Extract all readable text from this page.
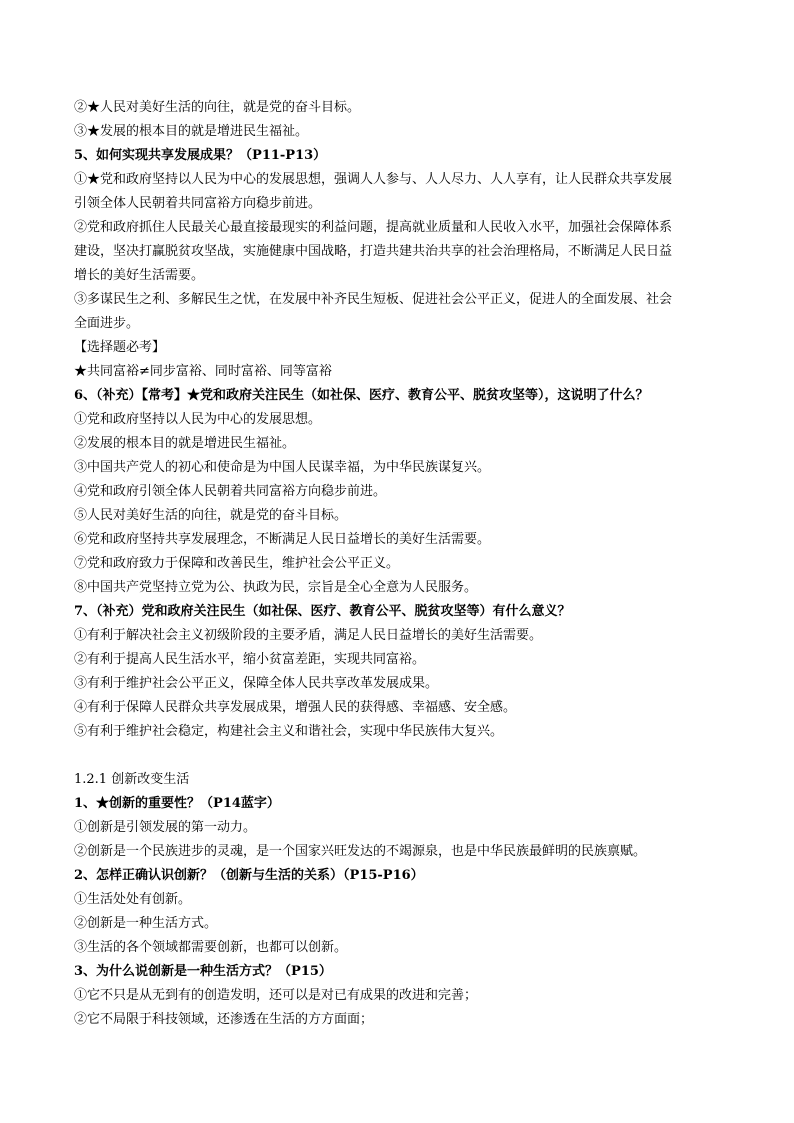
②★人民对美好生活的向往，就是党的奋斗目标。
③★发展的根本目的就是增进民生福祉。
5、如何实现共享发展成果？（P11-P13）
①★党和政府坚持以人民为中心的发展思想，强调人人参与、人人尽力、人人享有，让人民群众共享发展
引领全体人民朝着共同富裕方向稳步前进。
②党和政府抓住人民最关心最直接最现实的利益问题，提高就业质量和人民收入水平，加强社会保障体系
建设，坚决打赢脱贫攻坚战，实施健康中国战略，打造共建共治共享的社会治理格局，不断满足人民日益
增长的美好生活需要。
③多谋民生之利、多解民生之忧，在发展中补齐民生短板、促进社会公平正义，促进人的全面发展、社会
全面进步。
【选择题必考】
★共同富裕≠同步富裕、同时富裕、同等富裕
6、（补充）【常考】★党和政府关注民生（如社保、医疗、教育公平、脱贫攻坚等），这说明了什么？
①党和政府坚持以人民为中心的发展思想。
②发展的根本目的就是增进民生福祉。
③中国共产党人的初心和使命是为中国人民谋幸福，为中华民族谋复兴。
④党和政府引领全体人民朝着共同富裕方向稳步前进。
⑤人民对美好生活的向往，就是党的奋斗目标。
⑥党和政府坚持共享发展理念，不断满足人民日益增长的美好生活需要。
⑦党和政府致力于保障和改善民生，维护社会公平正义。
⑧中国共产党坚持立党为公、执政为民，宗旨是全心全意为人民服务。
7、（补充）党和政府关注民生（如社保、医疗、教育公平、脱贫攻坚等）有什么意义？
①有利于解决社会主义初级阶段的主要矛盾，满足人民日益增长的美好生活需要。
②有利于提高人民生活水平，缩小贫富差距，实现共同富裕。
③有利于维护社会公平正义，保障全体人民共享改革发展成果。
④有利于保障人民群众共享发展成果，增强人民的获得感、幸福感、安全感。
⑤有利于维护社会稳定，构建社会主义和谐社会，实现中华民族伟大复兴。
1.2.1 创新改变生活
1、★创新的重要性？（P14蓝字）
①创新是引领发展的第一动力。
②创新是一个民族进步的灵魂，是一个国家兴旺发达的不竭源泉，也是中华民族最鲜明的民族禀赋。
2、怎样正确认识创新？（创新与生活的关系）（P15-P16）
①生活处处有创新。
②创新是一种生活方式。
③生活的各个领域都需要创新，也都可以创新。
3、为什么说创新是一种生活方式？（P15）
①它不只是从无到有的创造发明，还可以是对已有成果的改进和完善；
②它不局限于科技领域，还渗透在生活的方方面面；
